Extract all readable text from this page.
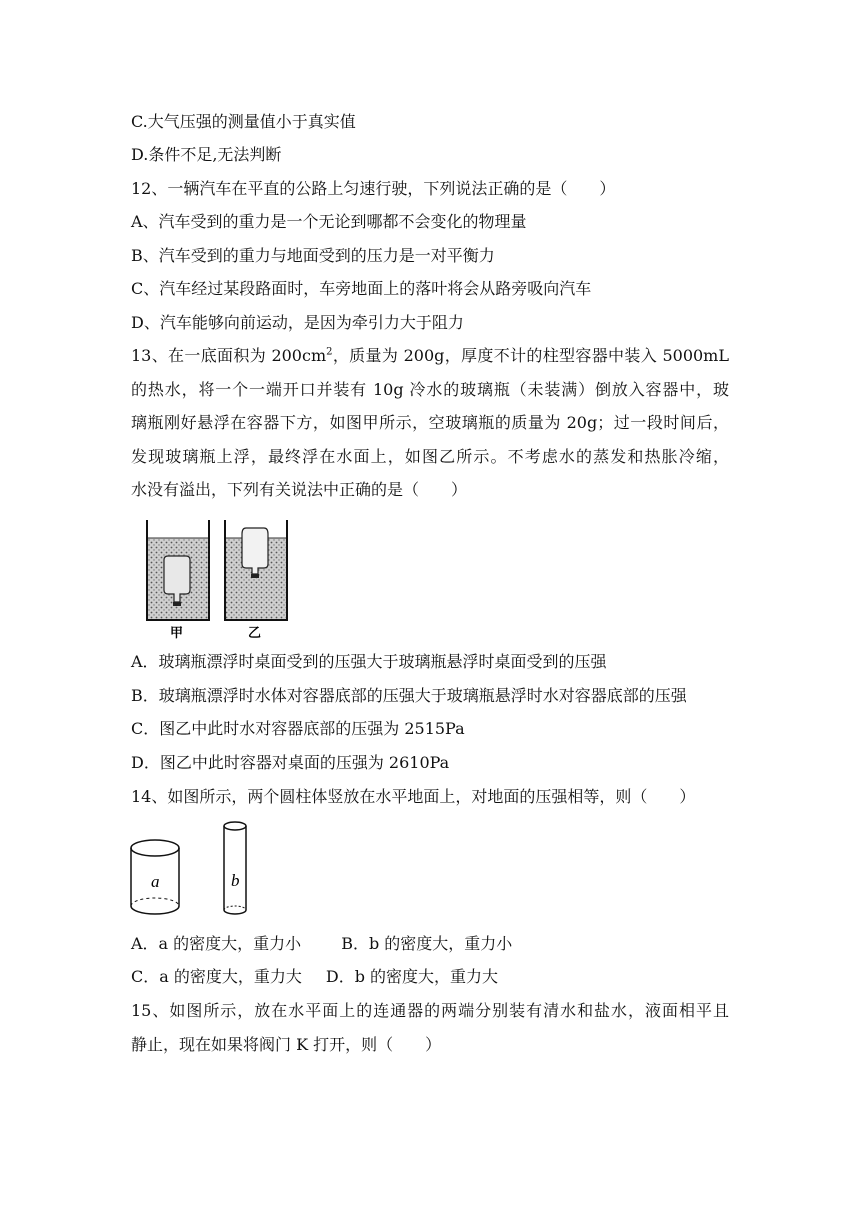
C.大气压强的测量值小于真实值
D.条件不足,无法判断
12、一辆汽车在平直的公路上匀速行驶，下列说法正确的是（　　）
A、汽车受到的重力是一个无论到哪都不会变化的物理量
B、汽车受到的重力与地面受到的压力是一对平衡力
C、汽车经过某段路面时，车旁地面上的落叶将会从路旁吸向汽车
D、汽车能够向前运动，是因为牵引力大于阻力
13、在一底面积为 $200cm^2$，质量为 200g，厚度不计的柱型容器中装入 5000mL
的热水，将一个一端开口并装有 10g 冷水的玻璃瓶（未装满）倒放入容器中，玻
璃瓶刚好悬浮在容器下方，如图甲所示，空玻璃瓶的质量为 20g；过一段时间后，
发现玻璃瓶上浮，最终浮在水面上，如图乙所示。不考虑水的蒸发和热胀冷缩，
水没有溢出，下列有关说法中正确的是（　　）
甲	乙
A．玻璃瓶漂浮时桌面受到的压强大于玻璃瓶悬浮时桌面受到的压强
B．玻璃瓶漂浮时水体对容器底部的压强大于玻璃瓶悬浮时水对容器底部的压强
C．图乙中此时水对容器底部的压强为 2515Pa
D．图乙中此时容器对桌面的压强为 2610Pa
14、如图所示，两个圆柱体竖放在水平地面上，对地面的压强相等，则（　　）
a	b
A．a 的密度大，重力小	B．b 的密度大，重力小
C．a 的密度大，重力大 D．b 的密度大，重力大
15、如图所示，放在水平面上的连通器的两端分别装有清水和盐水，液面相平且
静止，现在如果将阀门 K 打开，则（　　）
